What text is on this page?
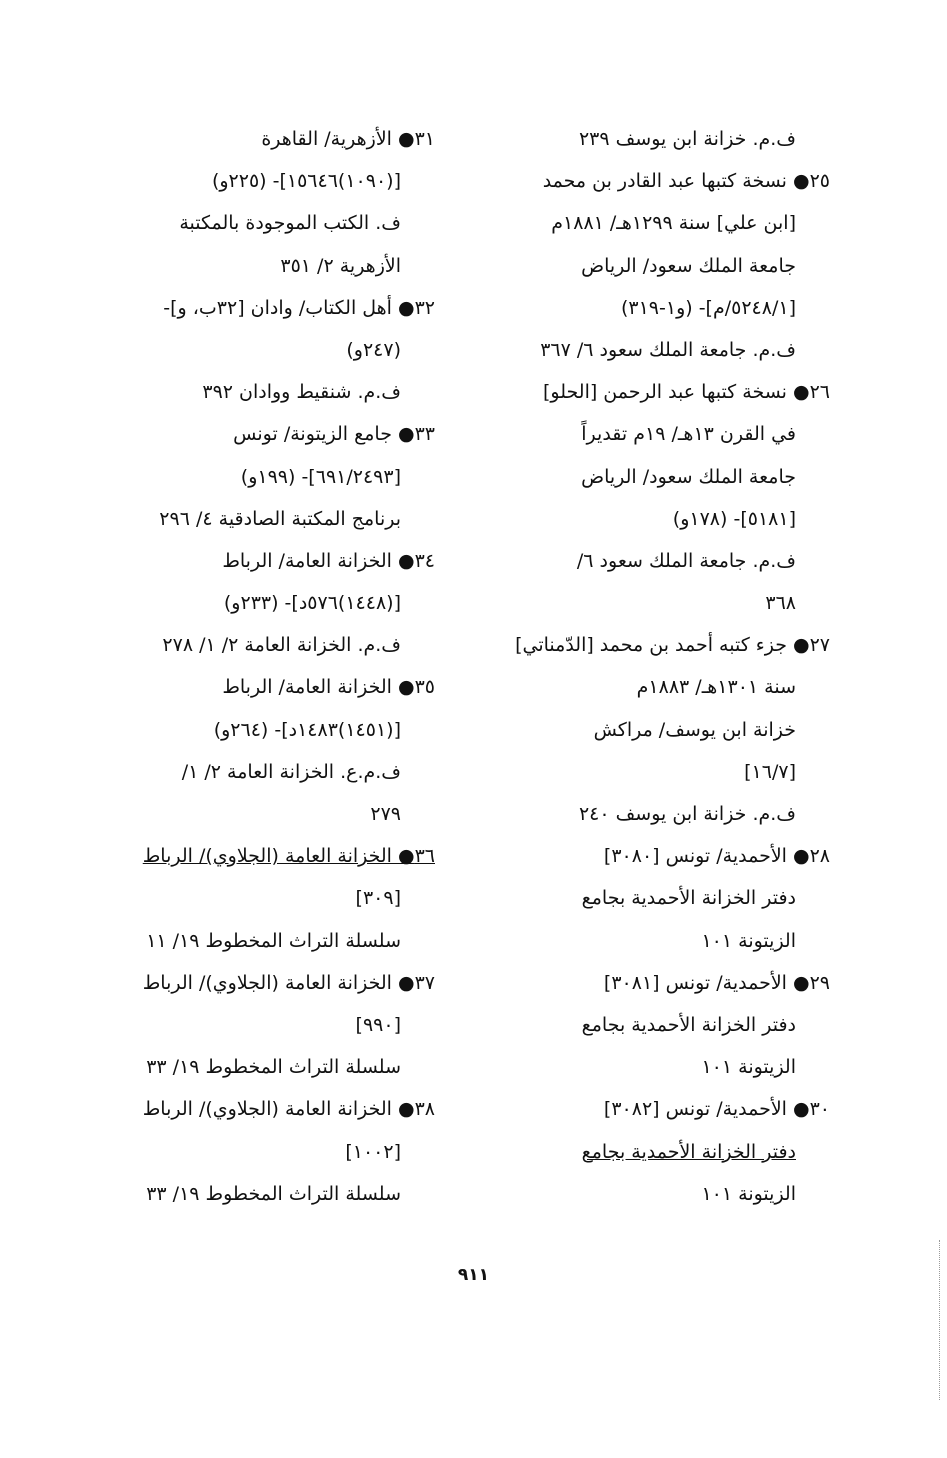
ف.م. خزانة ابن يوسف ٢٣٩
٢٥● نسخة كتبها عبد القادر بن محمد
[ابن علي] سنة ١٢٩٩هـ/ ١٨٨١م
جامعة الملك سعود/ الرياض
[٥٢٤٨/١/م]- (و١-٣١٩)
ف.م. جامعة الملك سعود ٦/ ٣٦٧
٢٦● نسخة كتبها عبد الرحمن [الحلو]
في القرن ١٣هـ/ ١٩م تقديراً
جامعة الملك سعود/ الرياض
[٥١٨١]- (١٧٨و)
ف.م. جامعة الملك سعود ٦/
٣٦٨
٢٧● جزء كتبه أحمد بن محمد [الدّمناتي]
سنة ١٣٠١هـ/ ١٨٨٣م
خزانة ابن يوسف/ مراكش
[١٦/٧]
ف.م. خزانة ابن يوسف ٢٤٠
٢٨● الأحمدية/ تونس [٣٠٨٠]
دفتر الخزانة الأحمدية بجامع
الزيتونة ١٠١
٢٩● الأحمدية/ تونس [٣٠٨١]
دفتر الخزانة الأحمدية بجامع
الزيتونة ١٠١
٣٠● الأحمدية/ تونس [٣٠٨٢]
دفتر الخزانة الأحمدية بجامع
الزيتونة ١٠١
٣١● الأزهرية/ القاهرة
[(١٠٩٠)١٥٦٤٦]- (٢٢٥و)
ف. الكتب الموجودة بالمكتبة
الأزهرية ٢/ ٣٥١
٣٢● أهل الكتاب/ وادان [٣٢ب، و]-
(٢٤٧و)
ف.م. شنقيط ووادان ٣٩٢
٣٣● جامع الزيتونة/ تونس
[٦٩١/٢٤٩٣]- (١٩٩و)
برنامج المكتبة الصادقية ٤/ ٢٩٦
٣٤● الخزانة العامة/ الرباط
[(١٤٤٨)٥٧٦د]- (٢٣٣و)
ف.م. الخزانة العامة ٢/ ١/ ٢٧٨
٣٥● الخزانة العامة/ الرباط
[(١٤٥١)١٤٨٣د]- (٢٦٤و)
ف.م.ع. الخزانة العامة ٢/ ١/
٢٧٩
٣٦● الخزانة العامة (الجلاوي)/ الرباط
[٣٠٩]
سلسلة التراث المخطوط ١٩/ ١١
٣٧● الخزانة العامة (الجلاوي)/ الرباط
[٩٩٠]
سلسلة التراث المخطوط ١٩/ ٣٣
٣٨● الخزانة العامة (الجلاوي)/ الرباط
[١٠٠٢]
سلسلة التراث المخطوط ١٩/ ٣٣
٩١١
